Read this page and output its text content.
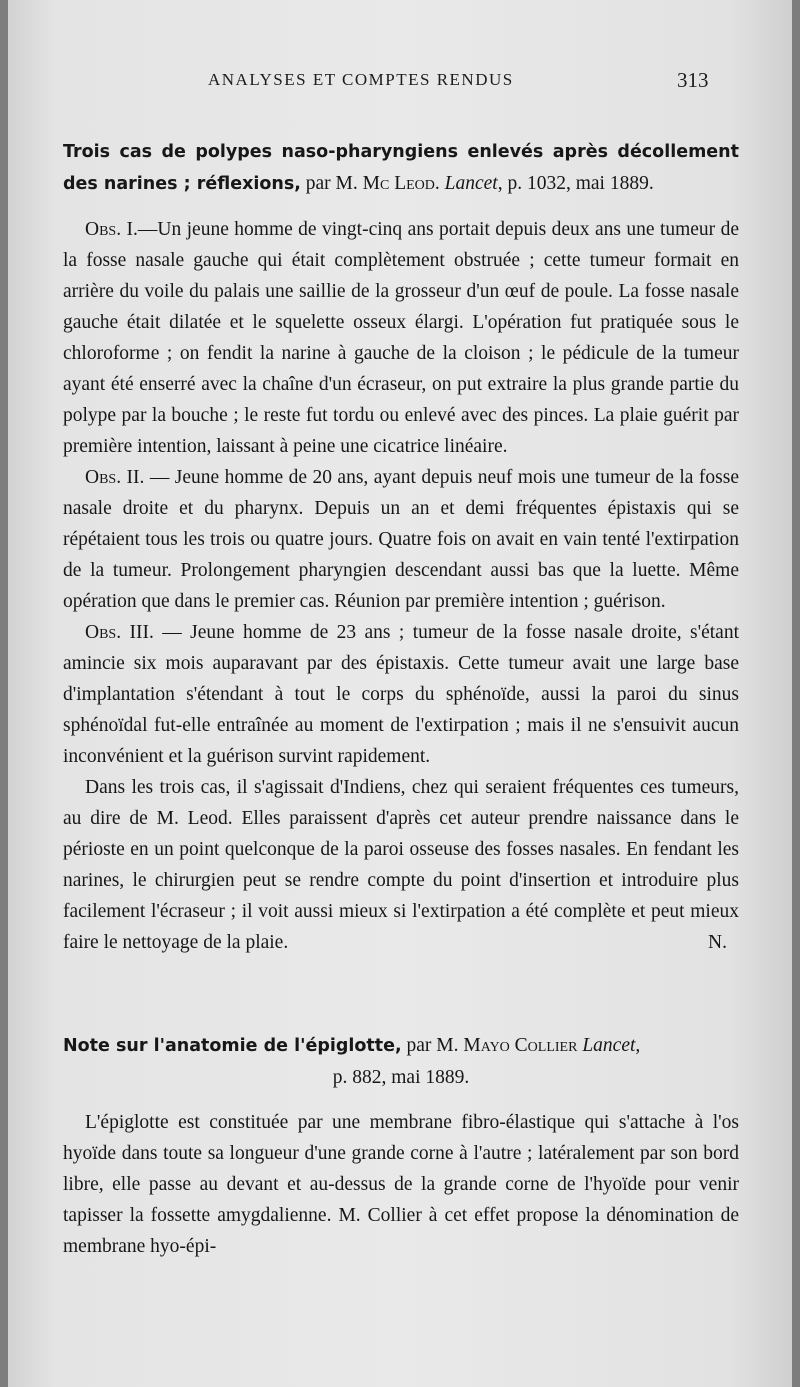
ANALYSES ET COMPTES RENDUS	313
Trois cas de polypes naso-pharyngiens enlevés après décollement des narines ; réflexions, par M. Mc Leod. Lancet, p. 1032, mai 1889.

Obs. I.—Un jeune homme de vingt-cinq ans portait depuis deux ans une tumeur de la fosse nasale gauche qui était complètement obstruée ; cette tumeur formait en arrière du voile du palais une saillie de la grosseur d'un œuf de poule. La fosse nasale gauche était dilatée et le squelette osseux élargi. L'opération fut pratiquée sous le chloroforme ; on fendit la narine à gauche de la cloison ; le pédicule de la tumeur ayant été enserré avec la chaîne d'un écraseur, on put extraire la plus grande partie du polype par la bouche ; le reste fut tordu ou enlevé avec des pinces. La plaie guérit par première intention, laissant à peine une cicatrice linéaire.

Obs. II. — Jeune homme de 20 ans, ayant depuis neuf mois une tumeur de la fosse nasale droite et du pharynx. Depuis un an et demi fréquentes épistaxis qui se répétaient tous les trois ou quatre jours. Quatre fois on avait en vain tenté l'extirpation de la tumeur. Prolongement pharyngien descendant aussi bas que la luette. Même opération que dans le premier cas. Réunion par première intention ; guérison.

Obs. III. — Jeune homme de 23 ans ; tumeur de la fosse nasale droite, s'étant amincie six mois auparavant par des épistaxis. Cette tumeur avait une large base d'implantation s'étendant à tout le corps du sphénoïde, aussi la paroi du sinus sphénoïdal fut-elle entraînée au moment de l'extirpation ; mais il ne s'ensuivit aucun inconvénient et la guérison survint rapidement.

Dans les trois cas, il s'agissait d'Indiens, chez qui seraient fréquentes ces tumeurs, au dire de M. Leod. Elles paraissent d'après cet auteur prendre naissance dans le périoste en un point quelconque de la paroi osseuse des fosses nasales. En fendant les narines, le chirurgien peut se rendre compte du point d'insertion et introduire plus facilement l'écraseur ; il voit aussi mieux si l'extirpation a été complète et peut mieux faire le nettoyage de la plaie.	N.

Note sur l'anatomie de l'épiglotte, par M. Mayo Collier Lancet,
p. 882, mai 1889.

L'épiglotte est constituée par une membrane fibro-élastique qui s'attache à l'os hyoïde dans toute sa longueur d'une grande corne à l'autre ; latéralement par son bord libre, elle passe au devant et au-dessus de la grande corne de l'hyoïde pour venir tapisser la fossette amygdalienne. M. Collier à cet effet propose la dénomination de membrane hyo-épi-
